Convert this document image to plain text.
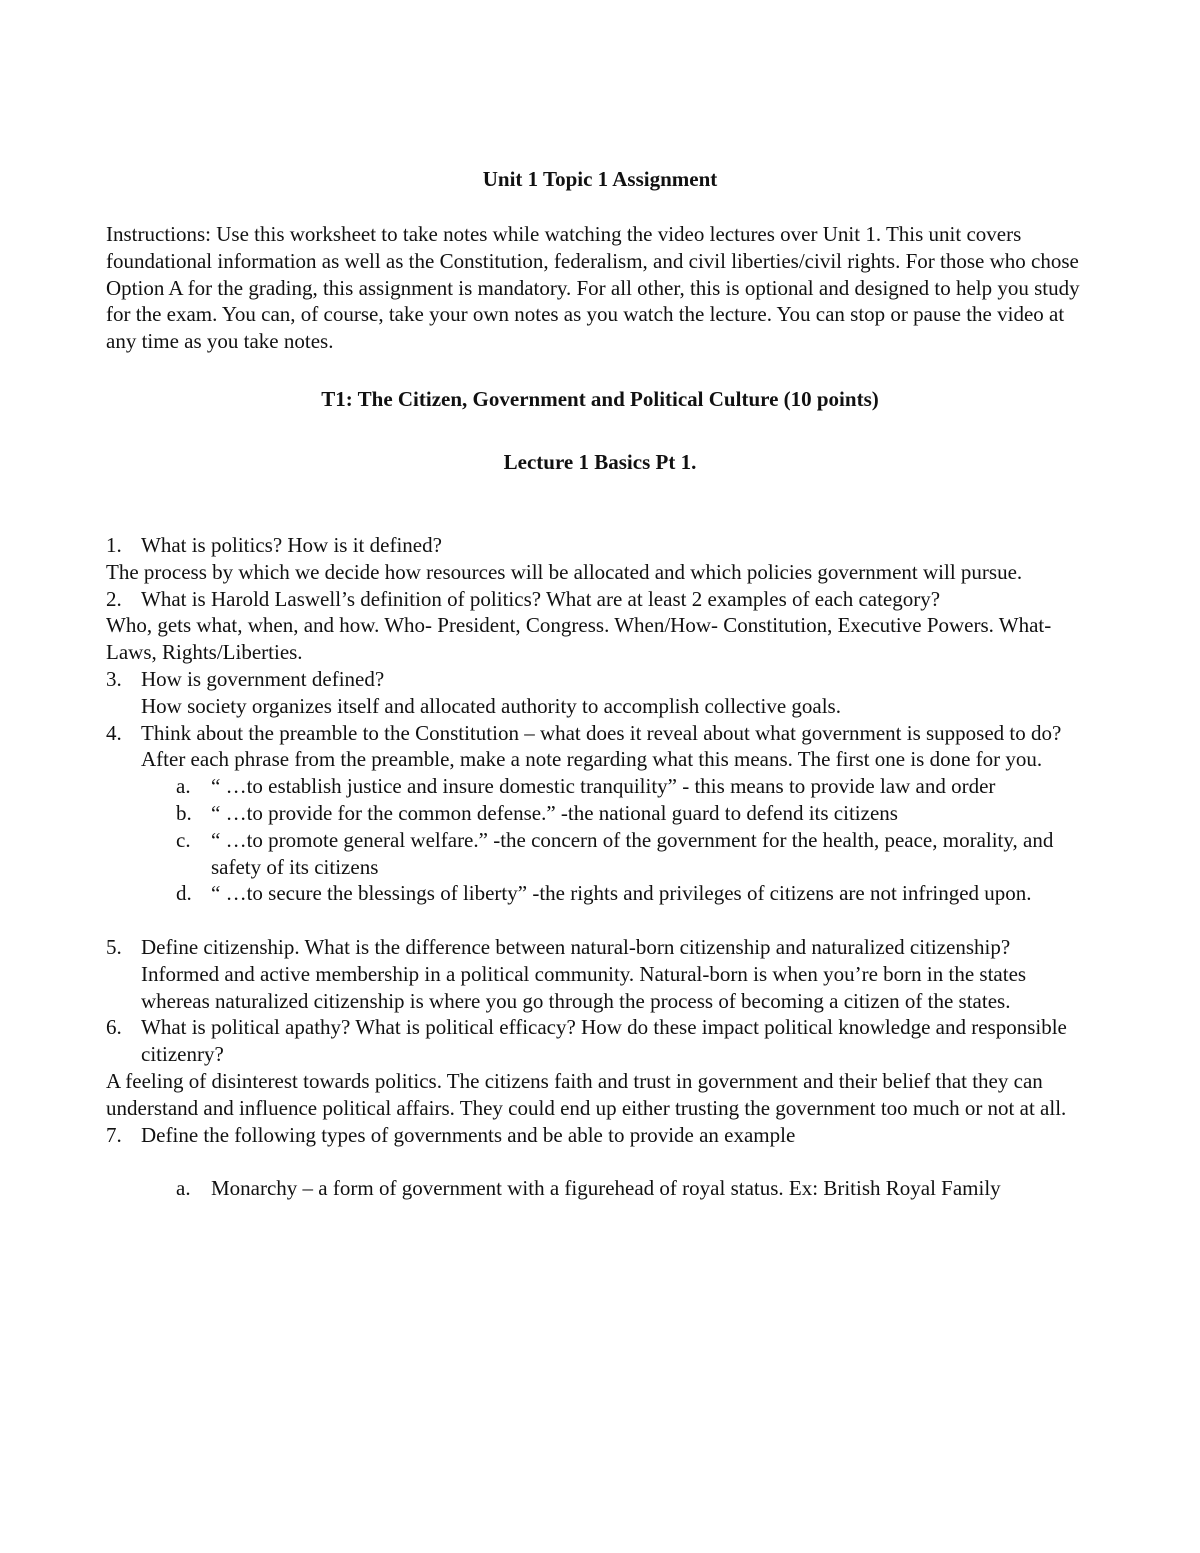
Unit 1 Topic 1 Assignment

Instructions: Use this worksheet to take notes while watching the video lectures over Unit 1. This unit covers foundational information as well as the Constitution, federalism, and civil liberties/civil rights. For those who chose Option A for the grading, this assignment is mandatory. For all other, this is optional and designed to help you study for the exam. You can, of course, take your own notes as you watch the lecture. You can stop or pause the video at any time as you take notes.

T1: The Citizen, Government and Political Culture (10 points)

Lecture 1 Basics Pt 1.

1. What is politics? How is it defined?

The process by which we decide how resources will be allocated and which policies government will pursue.

2. What is Harold Laswell’s definition of politics? What are at least 2 examples of each category?

Who, gets what, when, and how. Who- President, Congress. When/How- Constitution, Executive Powers. What- Laws, Rights/Liberties.

3. How is government defined?

How society organizes itself and allocated authority to accomplish collective goals.

4. Think about the preamble to the Constitution – what does it reveal about what government is supposed to do? After each phrase from the preamble, make a note regarding what this means. The first one is done for you.

a. “ …to establish justice and insure domestic tranquility” - this means to provide law and order

b. “ …to provide for the common defense.” -the national guard to defend its citizens

c. “ …to promote general welfare.” -the concern of the government for the health, peace, morality, and safety of its citizens

d. “ …to secure the blessings of liberty” -the rights and privileges of citizens are not infringed upon.

5. Define citizenship. What is the difference between natural-born citizenship and naturalized citizenship?

Informed and active membership in a political community. Natural-born is when you’re born in the states whereas naturalized citizenship is where you go through the process of becoming a citizen of the states.

6. What is political apathy? What is political efficacy? How do these impact political knowledge and responsible citizenry?

A feeling of disinterest towards politics. The citizens faith and trust in government and their belief that they can understand and influence political affairs. They could end up either trusting the government too much or not at all.

7. Define the following types of governments and be able to provide an example

a. Monarchy – a form of government with a figurehead of royal status. Ex: British Royal Family
